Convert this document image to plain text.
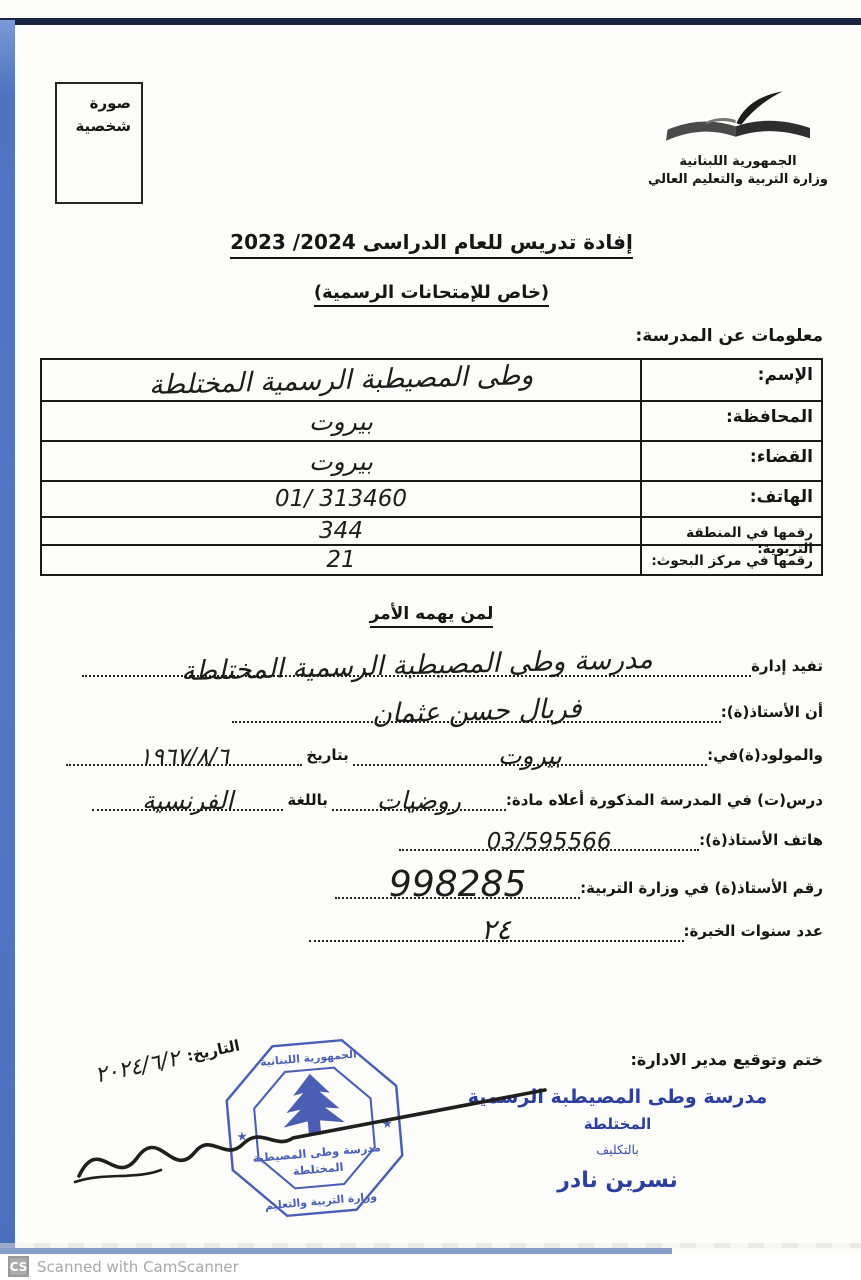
صورة
شخصية
الجمهورية اللبنانية
وزارة التربية والتعليم العالي
إفادة تدريس للعام الدراسى 2024/ 2023
(خاص للإمتحانات الرسمية)
معلومات عن المدرسة:
الإسم:
وطى المصيطبة الرسمية المختلطة
المحافظة:
بيروت
القضاء:
بيروت
الهاتف:
01/ 313460
رقمها في المنطقة التربوية:
344
رقمها في مركز البحوث:
21
لمن يهمه الأمر
تفيد إدارة
مدرسة وطى المصيطبة الرسمية المختلطة
أن الأستاذ(ة):
فريال حسن عثمان
والمولود(ة)في:
بيروت
بتاريخ
١٩٦٧/٨/٦
درس(ت) في المدرسة المذكورة أعلاه مادة:
روضيات
باللغة
الفرنسية
هاتف الأستاذ(ة):
03/595566
رقم الأستاذ(ة) في وزارة التربية:
998285
عدد سنوات الخبرة:
٢٤
ختم وتوقيع مدير الادارة:
مدرسة وطى المصيطبة الرسمية
المختلطة
بالتكليف
نسرين نادر
الجمهورية اللبنانية
مدرسة وطى المصيطبة
المختلطة
وزارة التربية والتعليم
★
★
التاريخ:
٢٠٢٤/٦/٢
CS Scanned with CamScanner
